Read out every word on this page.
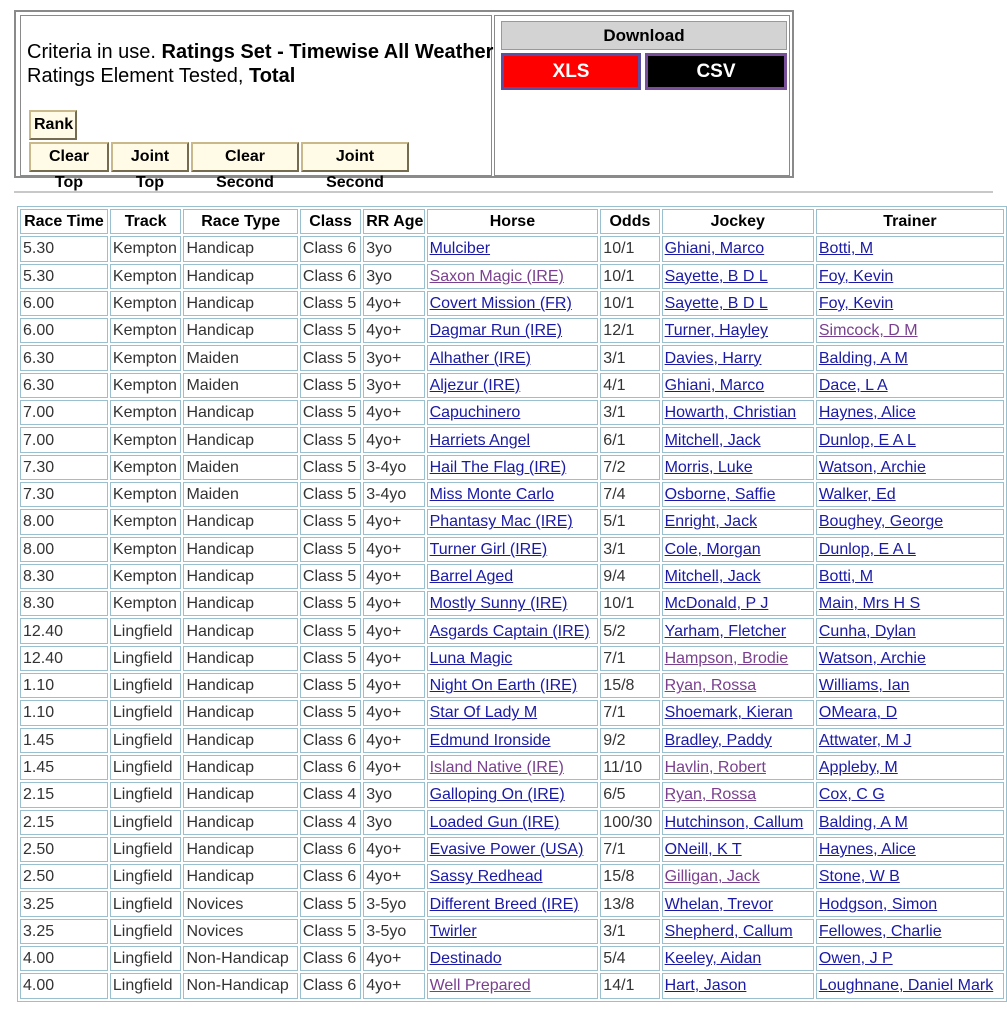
Criteria in use. Ratings Set - Timewise All Weather
Ratings Element Tested, Total
Rank
Clear Top
Joint Top
Clear Second
Joint Second
Download
XLS	CSV
Race Time	Track	Race Type	Class	RR Age	Horse	Odds	Jockey	Trainer
5.30	Kempton	Handicap	Class 6	3yo	Mulciber	10/1	Ghiani, Marco	Botti, M
5.30	Kempton	Handicap	Class 6	3yo	Saxon Magic (IRE)	10/1	Sayette, B D L	Foy, Kevin
6.00	Kempton	Handicap	Class 5	4yo+	Covert Mission (FR)	10/1	Sayette, B D L	Foy, Kevin
6.00	Kempton	Handicap	Class 5	4yo+	Dagmar Run (IRE)	12/1	Turner, Hayley	Simcock, D M
6.30	Kempton	Maiden	Class 5	3yo+	Alhather (IRE)	3/1	Davies, Harry	Balding, A M
6.30	Kempton	Maiden	Class 5	3yo+	Aljezur (IRE)	4/1	Ghiani, Marco	Dace, L A
7.00	Kempton	Handicap	Class 5	4yo+	Capuchinero	3/1	Howarth, Christian	Haynes, Alice
7.00	Kempton	Handicap	Class 5	4yo+	Harriets Angel	6/1	Mitchell, Jack	Dunlop, E A L
7.30	Kempton	Maiden	Class 5	3-4yo	Hail The Flag (IRE)	7/2	Morris, Luke	Watson, Archie
7.30	Kempton	Maiden	Class 5	3-4yo	Miss Monte Carlo	7/4	Osborne, Saffie	Walker, Ed
8.00	Kempton	Handicap	Class 5	4yo+	Phantasy Mac (IRE)	5/1	Enright, Jack	Boughey, George
8.00	Kempton	Handicap	Class 5	4yo+	Turner Girl (IRE)	3/1	Cole, Morgan	Dunlop, E A L
8.30	Kempton	Handicap	Class 5	4yo+	Barrel Aged	9/4	Mitchell, Jack	Botti, M
8.30	Kempton	Handicap	Class 5	4yo+	Mostly Sunny (IRE)	10/1	McDonald, P J	Main, Mrs H S
12.40	Lingfield	Handicap	Class 5	4yo+	Asgards Captain (IRE)	5/2	Yarham, Fletcher	Cunha, Dylan
12.40	Lingfield	Handicap	Class 5	4yo+	Luna Magic	7/1	Hampson, Brodie	Watson, Archie
1.10	Lingfield	Handicap	Class 5	4yo+	Night On Earth (IRE)	15/8	Ryan, Rossa	Williams, Ian
1.10	Lingfield	Handicap	Class 5	4yo+	Star Of Lady M	7/1	Shoemark, Kieran	OMeara, D
1.45	Lingfield	Handicap	Class 6	4yo+	Edmund Ironside	9/2	Bradley, Paddy	Attwater, M J
1.45	Lingfield	Handicap	Class 6	4yo+	Island Native (IRE)	11/10	Havlin, Robert	Appleby, M
2.15	Lingfield	Handicap	Class 4	3yo	Galloping On (IRE)	6/5	Ryan, Rossa	Cox, C G
2.15	Lingfield	Handicap	Class 4	3yo	Loaded Gun (IRE)	100/30	Hutchinson, Callum	Balding, A M
2.50	Lingfield	Handicap	Class 6	4yo+	Evasive Power (USA)	7/1	ONeill, K T	Haynes, Alice
2.50	Lingfield	Handicap	Class 6	4yo+	Sassy Redhead	15/8	Gilligan, Jack	Stone, W B
3.25	Lingfield	Novices	Class 5	3-5yo	Different Breed (IRE)	13/8	Whelan, Trevor	Hodgson, Simon
3.25	Lingfield	Novices	Class 5	3-5yo	Twirler	3/1	Shepherd, Callum	Fellowes, Charlie
4.00	Lingfield	Non-Handicap	Class 6	4yo+	Destinado	5/4	Keeley, Aidan	Owen, J P
4.00	Lingfield	Non-Handicap	Class 6	4yo+	Well Prepared	14/1	Hart, Jason	Loughnane, Daniel Mark
